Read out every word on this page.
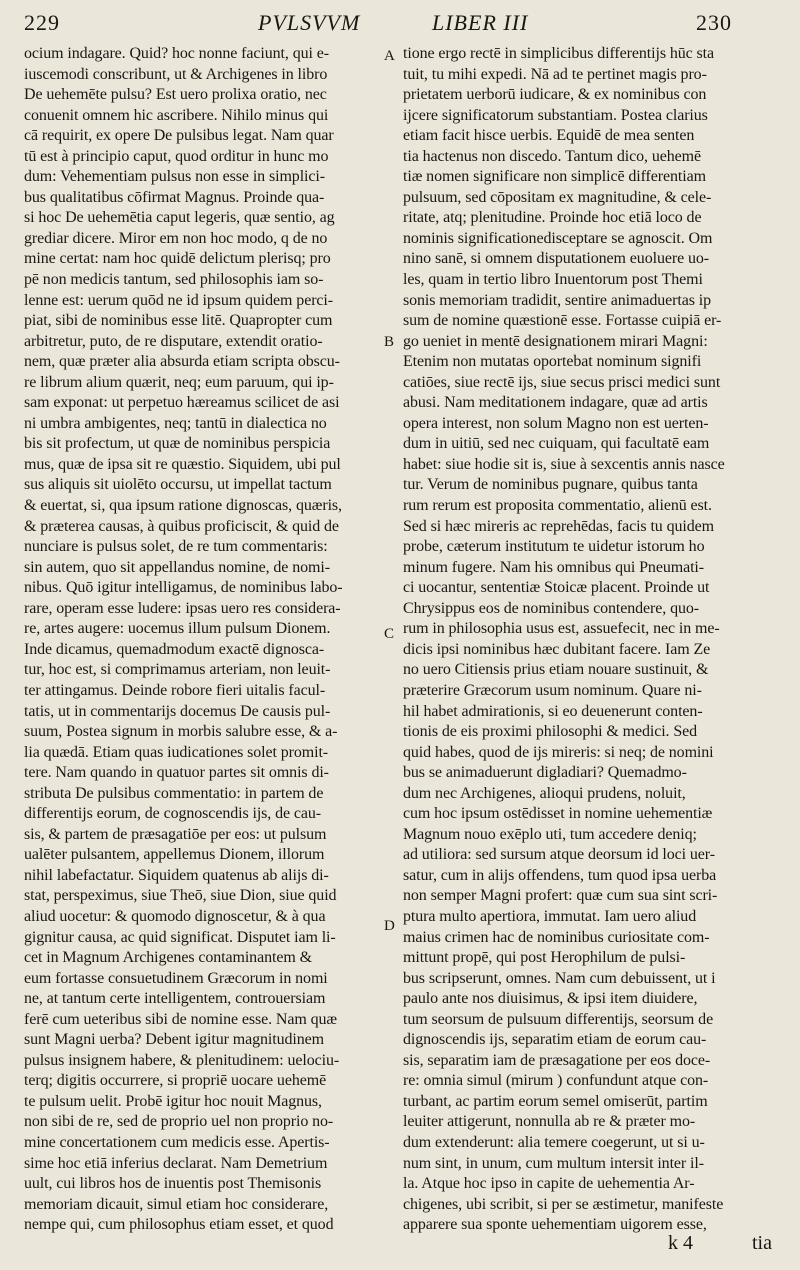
229	PVLSVVM	LIBER III	230
ocium indagare. Quid? hoc nonne faciunt, qui e-
iuscemodi conscribunt, ut & Archigenes in libro
De uehemēte pulsu? Est uero prolixa oratio, nec
conuenit omnem hic ascribere. Nihilo minus qui
cā requirit, ex opere De pulsibus legat. Nam quar
tū est à principio caput, quod orditur in hunc mo
dum: Vehementiam pulsus non esse in simplici-
bus qualitatibus cōfirmat Magnus. Proinde qua-
si hoc De uehemētia caput legeris, quæ sentio, ag
grediar dicere. Miror em non hoc modo, q de no
mine certat: nam hoc quidē delictum plerisq; pro
pē non medicis tantum, sed philosophis iam so-
lenne est: uerum quōd ne id ipsum quidem perci-
piat, sibi de nominibus esse litē. Quapropter cum
arbitretur, puto, de re disputare, extendit oratio-
nem, quæ præter alia absurda etiam scripta obscu-
re librum alium quærit, neq; eum paruum, qui ip-
sam exponat: ut perpetuo hæreamus scilicet de asi
ni umbra ambigentes, neq; tantū in dialectica no
bis sit profectum, ut quæ de nominibus perspicia
mus, quæ de ipsa sit re quæstio. Siquidem, ubi pul
sus aliquis sit uiolēto occursu, ut impellat tactum
& euertat, si, qua ipsum ratione dignoscas, quæris,
& præterea causas, à quibus proficiscit, & quid de
nunciare is pulsus solet, de re tum commentaris:
sin autem, quo sit appellandus nomine, de nomi-
nibus. Quō igitur intelligamus, de nominibus labo-
rare, operam esse ludere: ipsas uero res considera-
re, artes augere: uocemus illum pulsum Dionem.
Inde dicamus, quemadmodum exactē dignosca-
tur, hoc est, si comprimamus arteriam, non leuit-
ter attingamus. Deinde robore fieri uitalis facul-
tatis, ut in commentarijs docemus De causis pul-
suum, Postea signum in morbis salubre esse, & a-
lia quædā. Etiam quas iudicationes solet promit-
tere. Nam quando in quatuor partes sit omnis di-
stributa De pulsibus commentatio: in partem de
differentijs eorum, de cognoscendis ijs, de cau-
sis, & partem de præsagatiōe per eos: ut pulsum
ualēter pulsantem, appellemus Dionem, illorum
nihil labefactatur. Siquidem quatenus ab alijs di-
stat, perspeximus, siue Theō, siue Dion, siue quid
aliud uocetur: & quomodo dignoscetur, & à qua
gignitur causa, ac quid significat. Disputet iam li-
cet in Magnum Archigenes contaminantem &
eum fortasse consuetudinem Græcorum in nomi
ne, at tantum certe intelligentem, controuersiam
ferē cum ueteribus sibi de nomine esse. Nam quæ
sunt Magni uerba? Debent igitur magnitudinem
pulsus insignem habere, & plenitudinem: uelociu-
terq; digitis occurrere, si propriē uocare uehemē
te pulsum uelit. Probē igitur hoc nouit Magnus,
non sibi de re, sed de proprio uel non proprio no-
mine concertationem cum medicis esse. Apertis-
sime hoc etiā inferius declarat. Nam Demetrium
uult, cui libros hos de inuentis post Themisonis
memoriam dicauit, simul etiam hoc considerare,
nempe qui, cum philosophus etiam esset, et quod
A
B
C
D
tione ergo rectē in simplicibus differentijs hūc sta
tuit, tu mihi expedi. Nā ad te pertinet magis pro-
prietatem uerborū iudicare, & ex nominibus con
ijcere significatorum substantiam. Postea clarius
etiam facit hisce uerbis. Equidē de mea senten
tia hactenus non discedo. Tantum dico, uehemē
tiæ nomen significare non simplicē differentiam
pulsuum, sed cōpositam ex magnitudine, & cele-
ritate, atq; plenitudine. Proinde hoc etiā loco de
nominis significationedisceptare se agnoscit. Om
nino sanē, si omnem disputationem euoluere uo-
les, quam in tertio libro Inuentorum post Themi
sonis memoriam tradidit, sentire animaduertas ip
sum de nomine quæstionē esse. Fortasse cuipiā er-
go ueniet in mentē designationem mirari Magni:
Etenim non mutatas oportebat nominum signifi
catiōes, siue rectē ijs, siue secus prisci medici sunt
abusi. Nam meditationem indagare, quæ ad artis
opera interest, non solum Magno non est uerten-
dum in uitiū, sed nec cuiquam, qui facultatē eam
habet: siue hodie sit is, siue à sexcentis annis nasce
tur. Verum de nominibus pugnare, quibus tanta
rum rerum est proposita commentatio, alienū est.
Sed si hæc mireris ac reprehēdas, facis tu quidem
probe, cæterum institutum te uidetur istorum ho
minum fugere. Nam his omnibus qui Pneumati-
ci uocantur, sententiæ Stoicæ placent. Proinde ut
Chrysippus eos de nominibus contendere, quo-
rum in philosophia usus est, assuefecit, nec in me-
dicis ipsi nominibus hæc dubitant facere. Iam Ze
no uero Citiensis prius etiam nouare sustinuit, &
præterire Græcorum usum nominum. Quare ni-
hil habet admirationis, si eo deuenerunt conten-
tionis de eis proximi philosophi & medici. Sed
quid habes, quod de ijs mireris: si neq; de nomini
bus se animaduerunt digladiari? Quemadmo-
dum nec Archigenes, alioqui prudens, noluit,
cum hoc ipsum ostēdisset in nomine uehementiæ
Magnum nouo exēplo uti, tum accedere deniq;
ad utiliora: sed sursum atque deorsum id loci uer-
satur, cum in alijs offendens, tum quod ipsa uerba
non semper Magni profert: quæ cum sua sint scri-
ptura multo apertiora, immutat. Iam uero aliud
maius crimen hac de nominibus curiositate com-
mittunt propē, qui post Herophilum de pulsi-
bus scripserunt, omnes. Nam cum debuissent, ut i
paulo ante nos diuisimus, & ipsi item diuidere,
tum seorsum de pulsuum differentijs, seorsum de
dignoscendis ijs, separatim etiam de eorum cau-
sis, separatim iam de præsagatione per eos doce-
re: omnia simul (mirum ) confundunt atque con-
turbant, ac partim eorum semel omiserūt, partim
leuiter attigerunt, nonnulla ab re & præter mo-
dum extenderunt: alia temere coegerunt, ut si u-
num sint, in unum, cum multum intersit inter il-
la. Atque hoc ipso in capite de uehementia Ar-
chigenes, ubi scribit, si per se æstimetur, manifeste
apparere sua sponte uehementiam uigorem esse,
k 4	tia
